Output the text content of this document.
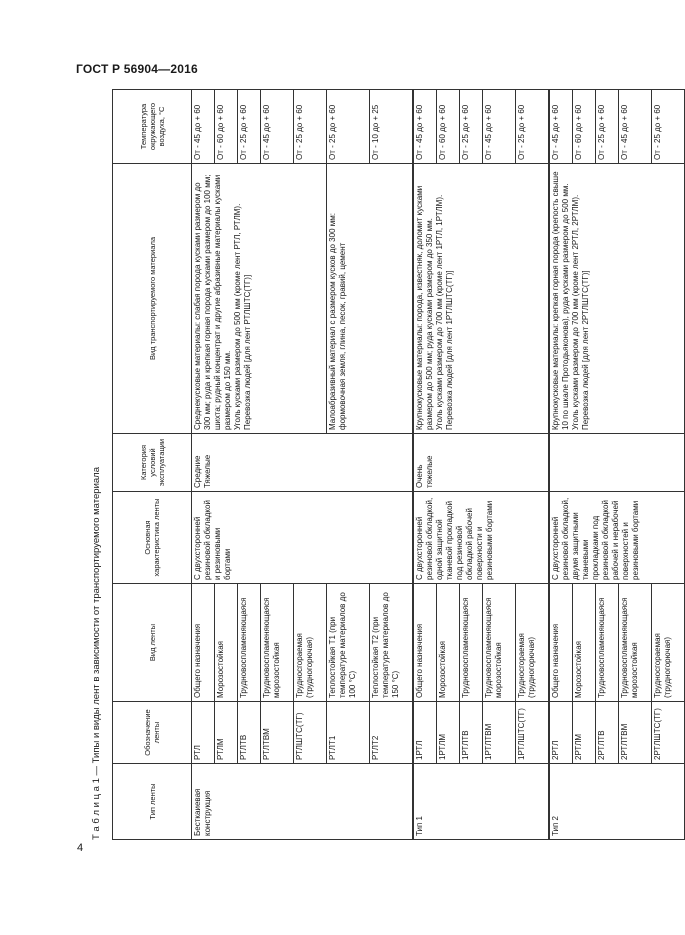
ГОСТ Р 56904—2016
4
Т а б л и ц а 1 — Типы и виды лент в зависимости от транспортируемого материала	Тип ленты	Обозначение ленты	Вид ленты	Основная характеристика ленты	Категория условий эксплуатации	Вид транспортируемого материала	Температура окружающего воздуха, °С
Бесткаиевая конструкция	РТЛ	Общего назначения	С двухсторонней резиновой обкладкой и резиновыми бортами	Средние Тяжелые	Среднекусковые материалы: слабая порода кусками размером до 300 мм; руда и крепкая горная порода кусками размером до 100 мм; шихта; рудный концентрат и другие абразивные материалы кусками размером до 150 мм. Уголь кусками размером до 500 мм (кроме лент РТЛ, РТЛМ). Перевозка людей [для лент РТЛШТС(ТГ)]	От - 45 до + 60
	РТЛМ	Морозостойкая				От - 60 до + 60
	РТЛТВ	Трудновоспламеняющаяся				От - 25 до + 60
	РТЛТВМ	Трудновоспламеняющаяся морозостойкая				От - 45 до + 60
	РТЛШТС(ТГ)	Трудносгораемая (трудногорючая)				От - 25 до + 60
	РТЛТ1	Теплостойкая Т1 (при температуре материалов до 100 °С)			Малоабразивный материал с размером кусков до 300 мм: формовочная земля, глина, песок, гравий, цемент	От - 25 до + 60
	РТЛТ2	Теплостойкая Т2 (при температуре материалов до 150 °С)				От - 10 до + 25
Тип 1	1РТЛ	Общего назначения	С двухсторонней резиновой обкладкой, одной защитной тканевой прокладкой под резиновой обкладкой рабочей поверхности и резиновыми бортами	Очень тяжелые	Крупнокусковые материалы: порода, известняк, доломит кусками размером до 500 мм; руда кусками размером до 350 мм. Уголь кусками размером до 700 мм (кроме лент 1РТЛ, 1РТЛМ). Перевозка людей [для лент 1РТЛШТС(ТГ)]	От - 45 до + 60
	1РТЛМ	Морозостойкая				От - 60 до + 60
	1РТЛТВ	Трудновоспламеняющаяся				От - 25 до + 60
	1РТЛТВМ	Трудновоспламеняющаяся морозостойкая				От - 45 до + 60
	1РТЛШТС(ТГ)	Трудносгораемая (трудногорючая)				От - 25 до + 60
Тип 2	2РТЛ	Общего назначения	С двухсторонней резиновой обкладкой, двумя защитными тканевыми прокладками под резиновой обкладкой рабочей и нерабочей поверхностей и резиновыми бортами		Крупнокусковые материалы: крепкая горная порода (крепость свыше 10 по шкале Протодьяконова), руда кусками размером до 500 мм. Уголь кусками размером до 700 мм (кроме лент 2РТЛ, 2РТЛМ). Перевозка людей [для лент 2РТЛШТС(ТГ)]	От - 45 до + 60
	2РТЛМ	Морозостойкая				От - 60 до + 60
	2РТЛТВ	Трудновоспламеняющаяся				От - 25 до + 60
	2РТЛТВМ	Трудновоспламеняющаяся морозостойкая				От - 45 до + 60
	2РТЛШТС(ТГ)	Трудносгораемая (трудногорючая)				От - 25 до + 60
